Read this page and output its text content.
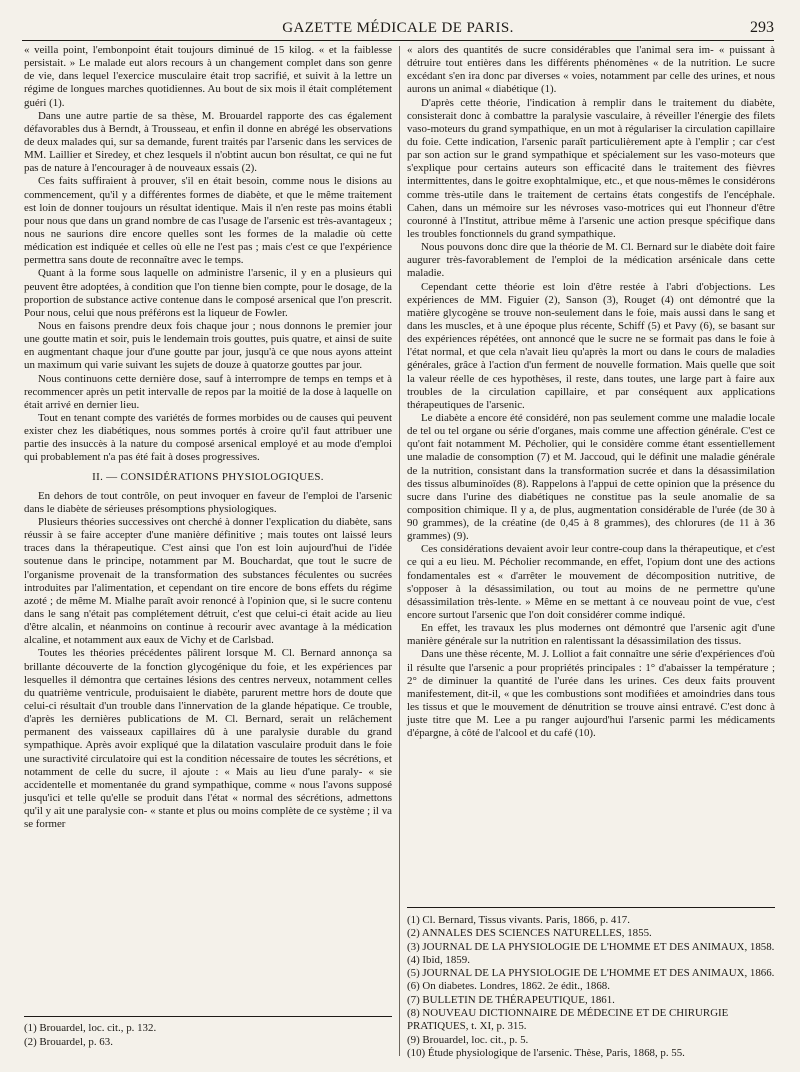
GAZETTE MÉDICALE DE PARIS.	293

« veilla point, l'embonpoint était toujours diminué de 15 kilog. « et la faiblesse persistait. » Le malade eut alors recours à un changement complet dans son genre de vie, dans lequel l'exercice musculaire était trop sacrifié, et suivit à la lettre un régime de longues marches quotidiennes. Au bout de six mois il était complétement guéri (1).

Dans une autre partie de sa thèse, M. Brouardel rapporte des cas également défavorables dus à Berndt, à Trousseau, et enfin il donne en abrégé les observations de deux malades qui, sur sa demande, furent traités par l'arsenic dans les services de MM. Laillier et Siredey, et chez lesquels il n'obtint aucun bon résultat, ce qui ne fut pas de nature à l'encourager à de nouveaux essais (2).

Ces faits suffiraient à prouver, s'il en était besoin, comme nous le disions au commencement, qu'il y a différentes formes de diabète, et que le même traitement est loin de donner toujours un résultat identique. Mais il n'en reste pas moins établi pour nous que dans un grand nombre de cas l'usage de l'arsenic est très-avantageux ; nous ne saurions dire encore quelles sont les formes de la maladie où cette médication est indiquée et celles où elle ne l'est pas ; mais c'est ce que l'expérience permettra sans doute de reconnaître avec le temps.

Quant à la forme sous laquelle on administre l'arsenic, il y en a plusieurs qui peuvent être adoptées, à condition que l'on tienne bien compte, pour le dosage, de la proportion de substance active contenue dans le composé arsenical que l'on prescrit. Pour nous, celui que nous préférons est la liqueur de Fowler.

Nous en faisons prendre deux fois chaque jour ; nous donnons le premier jour une goutte matin et soir, puis le lendemain trois gouttes, puis quatre, et ainsi de suite en augmentant chaque jour d'une goutte par jour, jusqu'à ce que nous ayons atteint un maximum qui varie suivant les sujets de douze à quatorze gouttes par jour.

Nous continuons cette dernière dose, sauf à interrompre de temps en temps et à recommencer après un petit intervalle de repos par la moitié de la dose à laquelle on était arrivé en dernier lieu.

Tout en tenant compte des variétés de formes morbides ou de causes qui peuvent exister chez les diabétiques, nous sommes portés à croire qu'il faut attribuer une partie des insuccès à la nature du composé arsenical employé et au mode d'emploi qui probablement n'a pas été fait à doses progressives.

II. — CONSIDÉRATIONS PHYSIOLOGIQUES.

En dehors de tout contrôle, on peut invoquer en faveur de l'emploi de l'arsenic dans le diabète de sérieuses présomptions physiologiques.

Plusieurs théories successives ont cherché à donner l'explication du diabète, sans réussir à se faire accepter d'une manière définitive ; mais toutes ont laissé leurs traces dans la thérapeutique. C'est ainsi que l'on est loin aujourd'hui de l'idée soutenue dans le principe, notamment par M. Bouchardat, que tout le sucre de l'organisme provenait de la transformation des substances féculentes ou sucrées introduites par l'alimentation, et cependant on tire encore de bons effets du régime azoté ; de même M. Mialhe paraît avoir renoncé à l'opinion que, si le sucre contenu dans le sang n'était pas complétement détruit, c'est que celui-ci était acide au lieu d'être alcalin, et néanmoins on continue à recourir avec avantage à la médication alcaline, et notamment aux eaux de Vichy et de Carlsbad.

Toutes les théories précédentes pâlirent lorsque M. Cl. Bernard annonça sa brillante découverte de la fonction glycogénique du foie, et les expériences par lesquelles il démontra que certaines lésions des centres nerveux, notamment celles du quatrième ventricule, produisaient le diabète, parurent mettre hors de doute que celui-ci résultait d'un trouble dans l'innervation de la glande hépatique. Ce trouble, d'après les dernières publications de M. Cl. Bernard, serait un relâchement permanent des vaisseaux capillaires dû à une paralysie durable du grand sympathique. Après avoir expliqué que la dilatation vasculaire produit dans le foie une suractivité circulatoire qui est la condition nécessaire de toutes les sécrétions, et notamment de celle du sucre, il ajoute : « Mais au lieu d'une paraly- « sie accidentelle et momentanée du grand sympathique, comme « nous l'avons supposé jusqu'ici et telle qu'elle se produit dans l'état « normal des sécrétions, admettons qu'il y ait une paralysie con- « stante et plus ou moins complète de ce système ; il va se former

(1) Brouardel, loc. cit., p. 132.

(2) Brouardel, p. 63.

« alors des quantités de sucre considérables que l'animal sera im- « puissant à détruire tout entières dans les différents phénomènes « de la nutrition. Le sucre excédant s'en ira donc par diverses « voies, notamment par celle des urines, et nous aurons un animal « diabétique (1).

D'après cette théorie, l'indication à remplir dans le traitement du diabète, consisterait donc à combattre la paralysie vasculaire, à réveiller l'énergie des filets vaso-moteurs du grand sympathique, en un mot à régulariser la circulation capillaire du foie. Cette indication, l'arsenic paraît particulièrement apte à l'emplir ; car c'est par son action sur le grand sympathique et spécialement sur les vaso-moteurs que s'explique pour certains auteurs son efficacité dans le traitement des fièvres intermittentes, dans le goitre exophtalmique, etc., et que nous-mêmes le considérons comme très-utile dans le traitement de certains états congestifs de l'encéphale. Cahen, dans un mémoire sur les névroses vaso-motrices qui eut l'honneur d'être couronné à l'Institut, attribue même à l'arsenic une action presque spécifique dans les troubles fonctionnels du grand sympathique.

Nous pouvons donc dire que la théorie de M. Cl. Bernard sur le diabète doit faire augurer très-favorablement de l'emploi de la médication arsénicale dans cette maladie.

Cependant cette théorie est loin d'être restée à l'abri d'objections. Les expériences de MM. Figuier (2), Sanson (3), Rouget (4) ont démontré que la matière glycogène se trouve non-seulement dans le foie, mais aussi dans le sang et dans les muscles, et à une époque plus récente, Schiff (5) et Pavy (6), se basant sur des expériences répétées, ont annoncé que le sucre ne se formait pas dans le foie à l'état normal, et que cela n'avait lieu qu'après la mort ou dans le cours de maladies générales, grâce à l'action d'un ferment de nouvelle formation. Mais quelle que soit la valeur réelle de ces hypothèses, il reste, dans toutes, une large part à faire aux troubles de la circulation capillaire, et par conséquent aux applications thérapeutiques de l'arsenic.

Le diabète a encore été considéré, non pas seulement comme une maladie locale de tel ou tel organe ou série d'organes, mais comme une affection générale. C'est ce qu'ont fait notamment M. Pécholier, qui le considère comme étant essentiellement une maladie de consomption (7) et M. Jaccoud, qui le définit une maladie générale de la nutrition, consistant dans la transformation sucrée et dans la désassimilation des tissus albuminoïdes (8). Rappelons à l'appui de cette opinion que la présence du sucre dans l'urine des diabétiques ne constitue pas la seule anomalie de sa composition chimique. Il y a, de plus, augmentation considérable de l'urée (de 30 à 90 grammes), de la créatine (de 0,45 à 8 grammes), des chlorures (de 11 à 36 grammes) (9).

Ces considérations devaient avoir leur contre-coup dans la thérapeutique, et c'est ce qui a eu lieu. M. Pécholier recommande, en effet, l'opium dont une des actions fondamentales est « d'arrêter le mouvement de décomposition nutritive, de s'opposer à la désassimilation, ou tout au moins de ne permettre qu'une désassimilation très-lente. » Même en se mettant à ce nouveau point de vue, c'est encore surtout l'arsenic que l'on doit considérer comme indiqué.

En effet, les travaux les plus modernes ont démontré que l'arsenic agit d'une manière générale sur la nutrition en ralentissant la désassimilation des tissus.

Dans une thèse récente, M. J. Lolliot a fait connaître une série d'expériences d'où il résulte que l'arsenic a pour propriétés principales : 1° d'abaisser la température ; 2° de diminuer la quantité de l'urée dans les urines. Ces deux faits prouvent manifestement, dit-il, « que les combustions sont modifiées et amoindries dans tous les tissus et que le mouvement de dénutrition se trouve ainsi entravé. C'est donc à juste titre que M. Lee a pu ranger aujourd'hui l'arsenic parmi les médicaments d'épargne, à côté de l'alcool et du café (10).

(1) Cl. Bernard, Tissus vivants. Paris, 1866, p. 417.

(2) ANNALES DES SCIENCES NATURELLES, 1855.

(3) JOURNAL DE LA PHYSIOLOGIE DE L'HOMME ET DES ANIMAUX, 1858.

(4) Ibid, 1859.

(5) JOURNAL DE LA PHYSIOLOGIE DE L'HOMME ET DES ANIMAUX, 1866.

(6) On diabetes. Londres, 1862. 2e édit., 1868.

(7) BULLETIN DE THÉRAPEUTIQUE, 1861.

(8) NOUVEAU DICTIONNAIRE DE MÉDECINE ET DE CHIRURGIE PRATIQUES, t. XI, p. 315.

(9) Brouardel, loc. cit., p. 5.

(10) Étude physiologique de l'arsenic. Thèse, Paris, 1868, p. 55.
